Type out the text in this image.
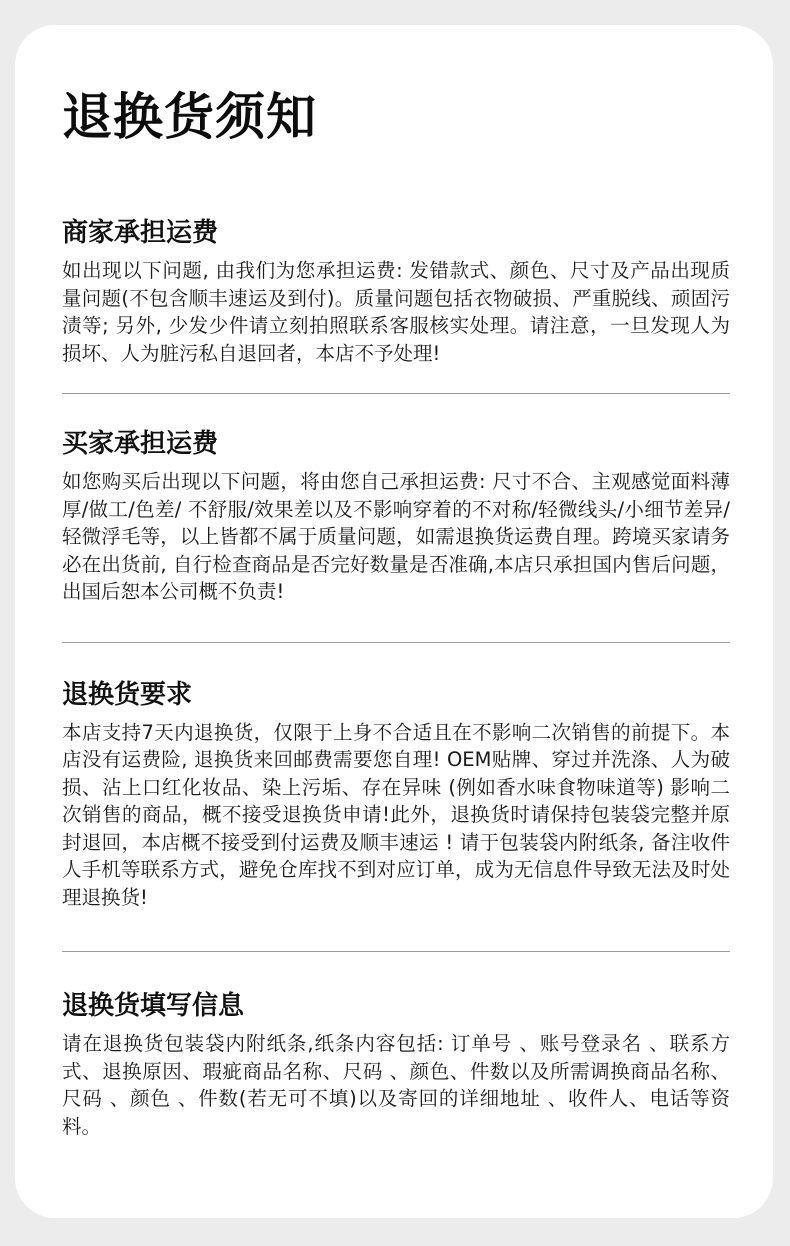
退换货须知
商家承担运费

如出现以下问题, 由我们为您承担运费: 发错款式、颜色、尺寸及产品出现质量问题(不包含顺丰速运及到付)。质量问题包括衣物破损、严重脱线、顽固污渍等; 另外, 少发少件请立刻拍照联系客服核实处理。请注意，一旦发现人为损坏、人为脏污私自退回者，本店不予处理!

买家承担运费

如您购买后出现以下问题，将由您自己承担运费: 尺寸不合、主观感觉面料薄厚/做工/色差/ 不舒服/效果差以及不影响穿着的不对称/轻微线头/小细节差异/轻微浮毛等，以上皆都不属于质量问题，如需退换货运费自理。跨境买家请务必在出货前, 自行检查商品是否完好数量是否准确,本店只承担国内售后问题，出国后恕本公司概不负责!

退换货要求

本店支持7天内退换货，仅限于上身不合适且在不影响二次销售的前提下。本店没有运费险, 退换货来回邮费需要您自理! OEM贴牌、穿过并洗涤、人为破损、沾上口红化妆品、染上污垢、存在异味 (例如香水味食物味道等) 影响二次销售的商品，概不接受退换货申请!此外，退换货时请保持包装袋完整并原封退回，本店概不接受到付运费及顺丰速运 ! 请于包装袋内附纸条, 备注收件人手机等联系方式，避免仓库找不到对应订单，成为无信息件导致无法及时处理退换货!

退换货填写信息

请在退换货包装袋内附纸条,纸条内容包括: 订单号 、账号登录名 、联系方式、退换原因、瑕疵商品名称、尺码 、颜色、件数以及所需调换商品名称、尺码 、颜色 、件数(若无可不填)以及寄回的详细地址 、收件人、电话等资料。
